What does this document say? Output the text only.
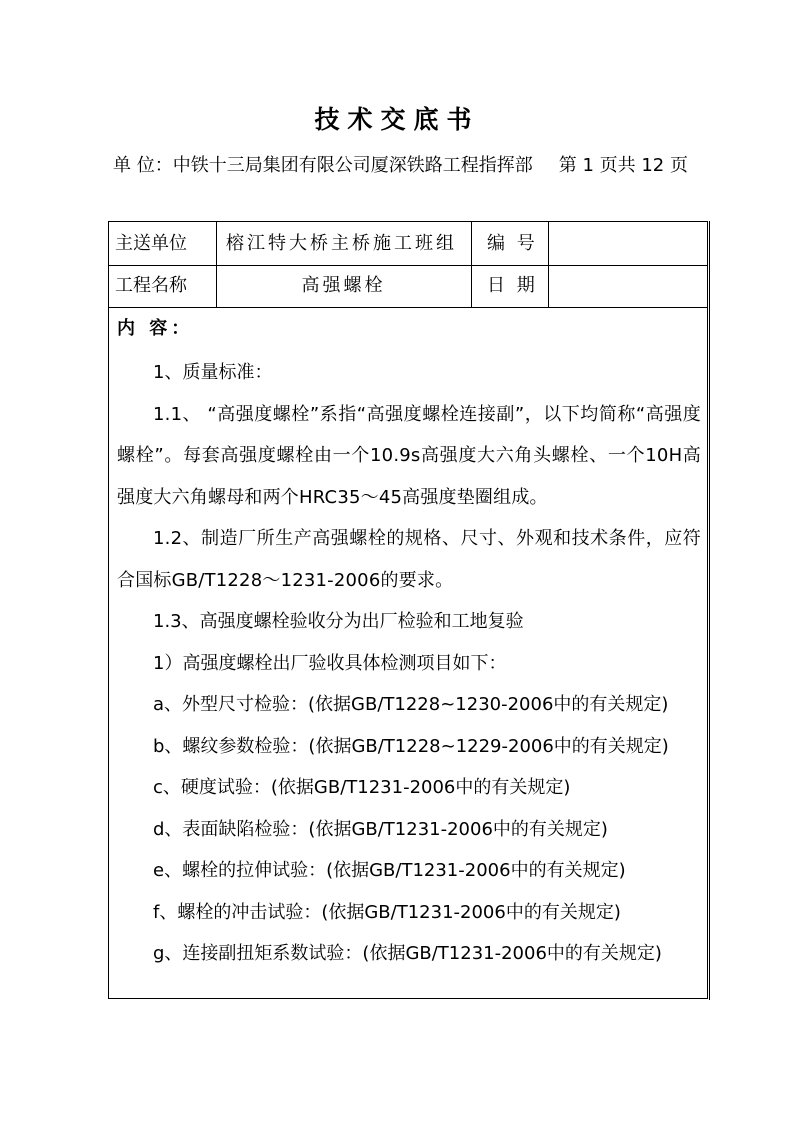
技术交底书
单 位：中铁十三局集团有限公司厦深铁路工程指挥部 第 1 页共 12 页
主送单位 榕江特大桥主桥施工班组 编 号
工程名称	高强螺栓	日 期
内 容：

1、质量标准：

1.1、 “高强度螺栓”系指“高强度螺栓连接副”，以下均简称“高强度螺栓”。每套高强度螺栓由一个10.9s高强度大六角头螺栓、一个10H高强度大六角螺母和两个HRC35～45高强度垫圈组成。

1.2、制造厂所生产高强螺栓的规格、尺寸、外观和技术条件，应符合国标GB/T1228～1231-2006的要求。

1.3、高强度螺栓验收分为出厂检验和工地复验

1）高强度螺栓出厂验收具体检测项目如下：

a、外型尺寸检验：(依据GB/T1228~1230-2006中的有关规定)

b、螺纹参数检验：(依据GB/T1228~1229-2006中的有关规定)

c、硬度试验：(依据GB/T1231-2006中的有关规定)

d、表面缺陷检验：(依据GB/T1231-2006中的有关规定)

e、螺栓的拉伸试验：(依据GB/T1231-2006中的有关规定)

f、螺栓的冲击试验：(依据GB/T1231-2006中的有关规定)

g、连接副扭矩系数试验：(依据GB/T1231-2006中的有关规定)
